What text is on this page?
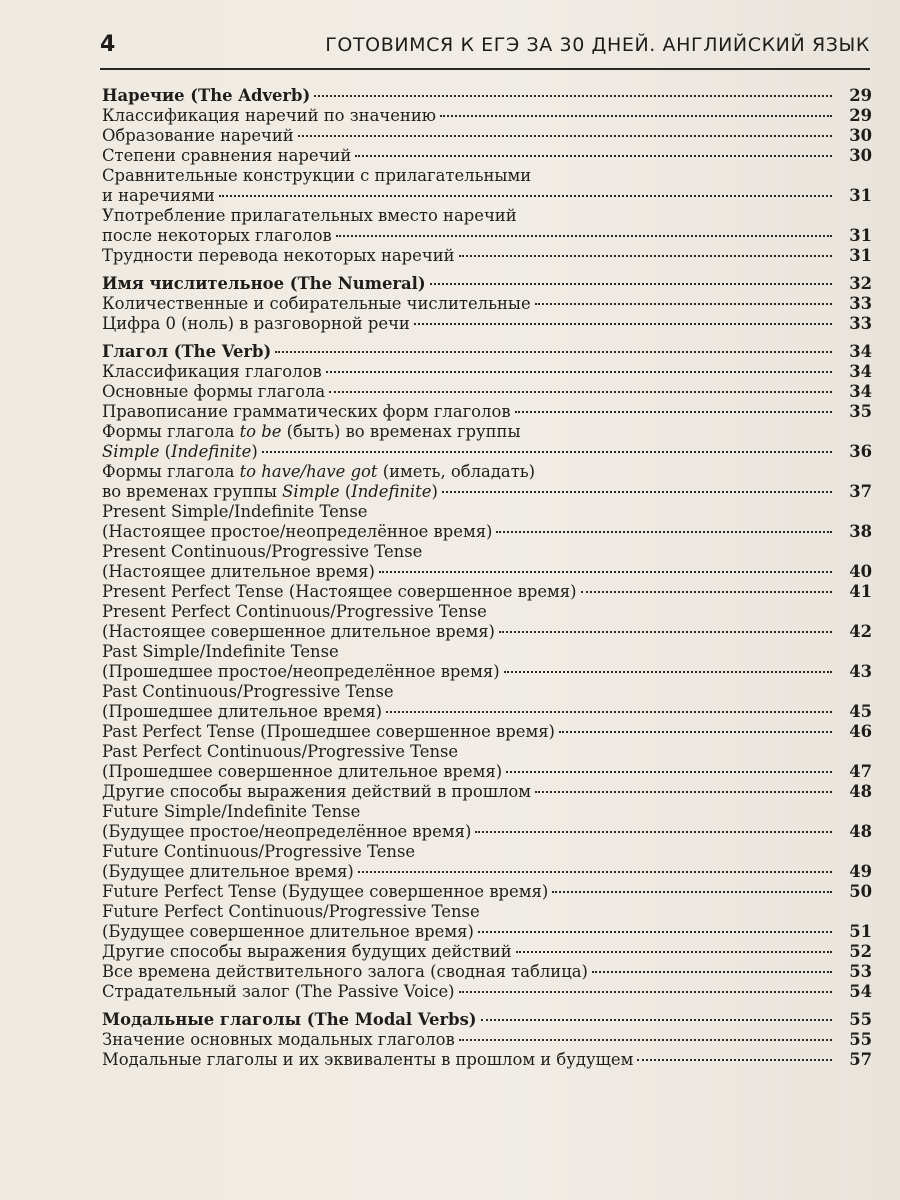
4	ГОТОВИМСЯ К ЕГЭ ЗА 30 ДНЕЙ. АНГЛИЙСКИЙ ЯЗЫК
Наречие (The Adverb)	29
Классификация наречий по значению	29
Образование наречий	30
Степени сравнения наречий	30
Сравнительные конструкции с прилагательными
и наречиями	31
Употребление прилагательных вместо наречий
после некоторых глаголов	31
Трудности перевода некоторых наречий	31
Имя числительное (The Numeral)	32
Количественные и собирательные числительные	33
Цифра 0 (ноль) в разговорной речи	33
Глагол (The Verb)	34
Классификация глаголов	34
Основные формы глагола	34
Правописание грамматических форм глаголов	35
Формы глагола to be (быть) во временах группы
Simple (Indefinite)	36
Формы глагола to have/have got (иметь, обладать)
во временах группы Simple (Indefinite)	37
Present Simple/Indefinite Tense
(Настоящее простое/неопределённое время)	38
Present Continuous/Progressive Tense
(Настоящее длительное время)	40
Present Perfect Tense (Настоящее совершенное время)	41
Present Perfect Continuous/Progressive Tense
(Настоящее совершенное длительное время)	42
Past Simple/Indefinite Tense
(Прошедшее простое/неопределённое время)	43
Past Continuous/Progressive Tense
(Прошедшее длительное время)	45
Past Perfect Tense (Прошедшее совершенное время)	46
Past Perfect Continuous/Progressive Tense
(Прошедшее совершенное длительное время)	47
Другие способы выражения действий в прошлом	48
Future Simple/Indefinite Tense
(Будущее простое/неопределённое время)	48
Future Continuous/Progressive Tense
(Будущее длительное время)	49
Future Perfect Tense (Будущее совершенное время)	50
Future Perfect Continuous/Progressive Tense
(Будущее совершенное длительное время)	51
Другие способы выражения будущих действий	52
Все времена действительного залога (сводная таблица)	53
Страдательный залог (The Passive Voice)	54
Модальные глаголы (The Modal Verbs)	55
Значение основных модальных глаголов	55
Модальные глаголы и их эквиваленты в прошлом и будущем	57
